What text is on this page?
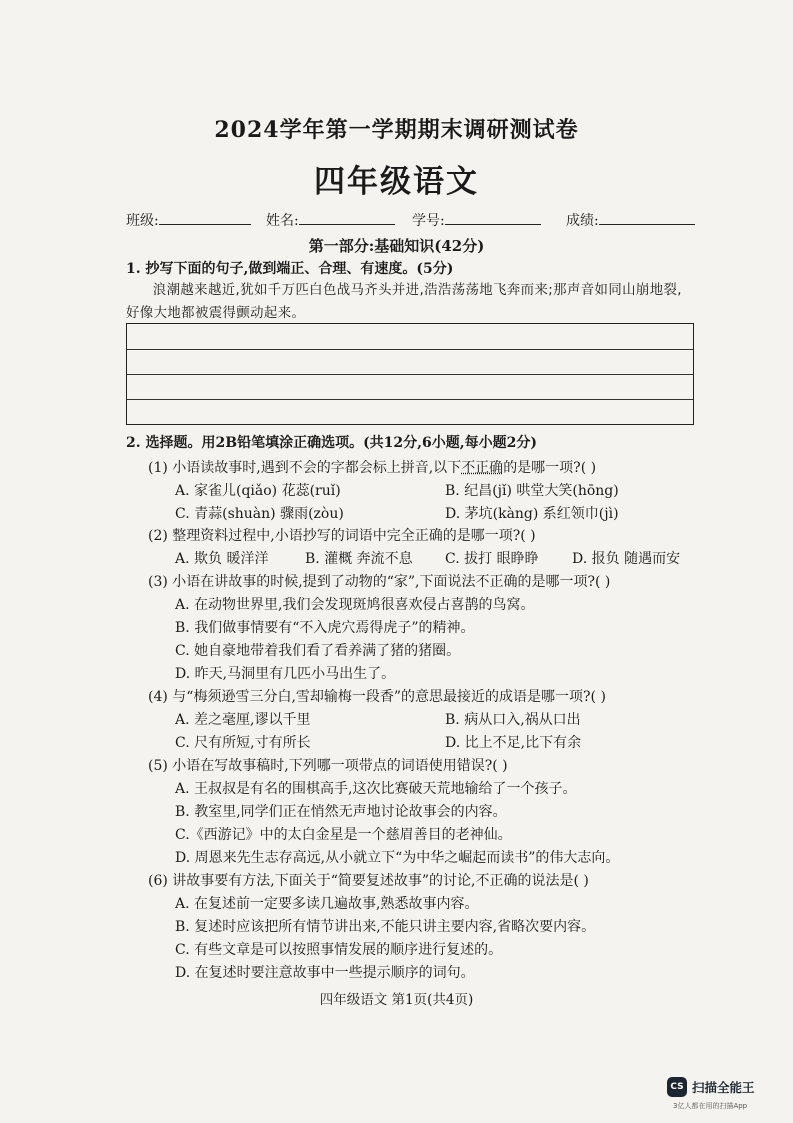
2024学年第一学期期末调研测试卷
四年级语文
班级:	姓名:	学号:	成绩:
第一部分:基础知识(42分)
1. 抄写下面的句子,做到端正、合理、有速度。(5分)
浪潮越来越近,犹如千万匹白色战马齐头并进,浩浩荡荡地飞奔而来;那声音如同山崩地裂,好像大地都被震得颤动起来。
2. 选择题。用2B铅笔填涂正确选项。(共12分,6小题,每小题2分)
(1) 小语读故事时,遇到不会的字都会标上拼音,以下不正确的是哪一项?( )
A. 家雀儿(qiǎo) 花蕊(ruǐ)	B. 纪昌(jǐ) 哄堂大笑(hōng)
C. 青蒜(shuàn) 骤雨(zòu)	D. 茅坑(kàng) 系红领巾(jì)
(2) 整理资料过程中,小语抄写的词语中完全正确的是哪一项?( )
A. 欺负 暖洋洋	B. 灌概 奔流不息 C. 拔打 眼睁睁 D. 报负 随遇而安
(3) 小语在讲故事的时候,提到了动物的“家”,下面说法不正确的是哪一项?( )
A. 在动物世界里,我们会发现斑鸠很喜欢侵占喜鹊的鸟窝。
B. 我们做事情要有“不入虎穴焉得虎子”的精神。
C. 她自豪地带着我们看了看养满了猪的猪圈。
D. 昨天,马洞里有几匹小马出生了。
(4) 与“梅须逊雪三分白,雪却输梅一段香”的意思最接近的成语是哪一项?( )
A. 差之毫厘,谬以千里	B. 病从口入,祸从口出
C. 尺有所短,寸有所长	D. 比上不足,比下有余
(5) 小语在写故事稿时,下列哪一项带点的词语使用错误?( )
A. 王叔叔是有名的围棋高手,这次比赛破天荒地输给了一个孩子。
B. 教室里,同学们正在悄然无声地讨论故事会的内容。
C.《西游记》中的太白金星是一个慈眉善目的老神仙。
D. 周恩来先生志存高远,从小就立下“为中华之崛起而读书”的伟大志向。
(6) 讲故事要有方法,下面关于“简要复述故事”的讨论,不正确的说法是( )
A. 在复述前一定要多读几遍故事,熟悉故事内容。
B. 复述时应该把所有情节讲出来,不能只讲主要内容,省略次要内容。
C. 有些文章是可以按照事情发展的顺序进行复述的。
D. 在复述时要注意故事中一些提示顺序的词句。
四年级语文 第1页(共4页)
CS 扫描全能王
3亿人都在用的扫描App
